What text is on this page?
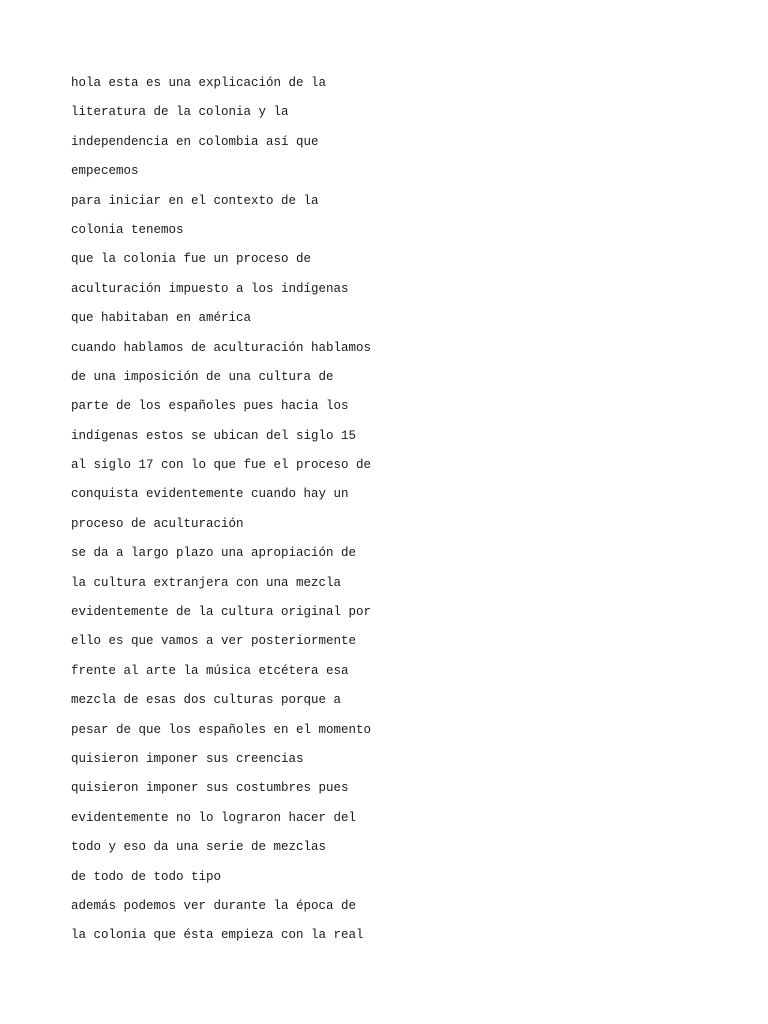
hola esta es una explicación de la
literatura de la colonia y la
independencia en colombia así que
empecemos
para iniciar en el contexto de la
colonia tenemos
que la colonia fue un proceso de
aculturación impuesto a los indígenas
que habitaban en américa
cuando hablamos de aculturación hablamos
de una imposición de una cultura de
parte de los españoles pues hacia los
indígenas estos se ubican del siglo 15
al siglo 17 con lo que fue el proceso de
conquista evidentemente cuando hay un
proceso de aculturación
se da a largo plazo una apropiación de
la cultura extranjera con una mezcla
evidentemente de la cultura original por
ello es que vamos a ver posteriormente
frente al arte la música etcétera esa
mezcla de esas dos culturas porque a
pesar de que los españoles en el momento
quisieron imponer sus creencias
quisieron imponer sus costumbres pues
evidentemente no lo lograron hacer del
todo y eso da una serie de mezclas
de todo de todo tipo
además podemos ver durante la época de
la colonia que ésta empieza con la real
